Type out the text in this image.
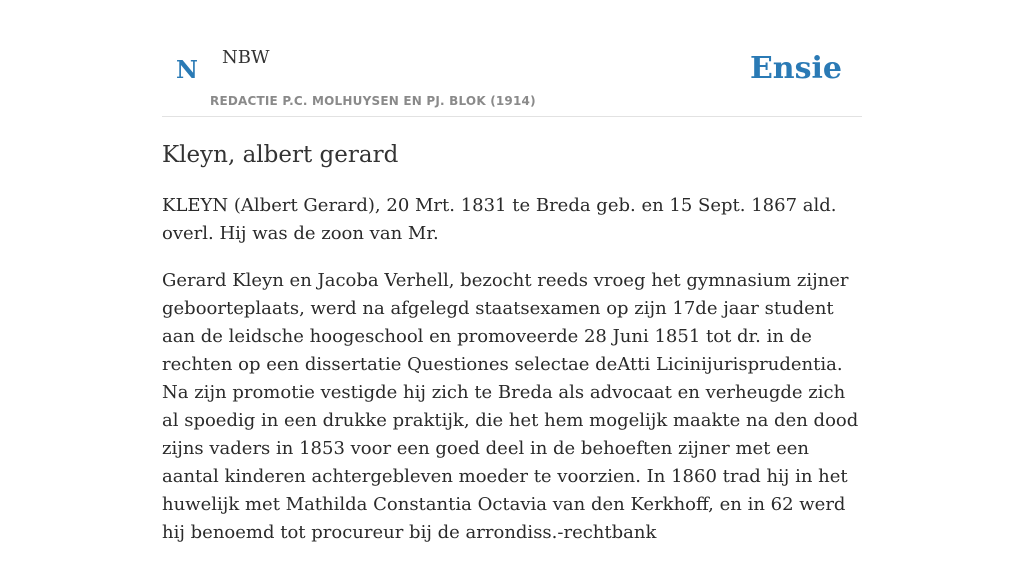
N NBW
REDACTIE P.C. MOLHUYSEN EN PJ. BLOK (1914)
Ensie
Kleyn, albert gerard

KLEYN (Albert Gerard), 20 Mrt. 1831 te Breda geb. en 15 Sept. 1867 ald. overl. Hij was de zoon van Mr.

Gerard Kleyn en Jacoba Verhell, bezocht reeds vroeg het gymnasium zijner geboorteplaats, werd na afgelegd staatsexamen op zijn 17de jaar student aan de leidsche hoogeschool en promoveerde 28 Juni 1851 tot dr. in de rechten op een dissertatie Questiones selectae deAtti Licinijurisprudentia. Na zijn promotie vestigde hij zich te Breda als advocaat en verheugde zich al spoedig in een drukke praktijk, die het hem mogelijk maakte na den dood zijns vaders in 1853 voor een goed deel in de behoeften zijner met een aantal kinderen achtergebleven moeder te voorzien. In 1860 trad hij in het huwelijk met Mathilda Constantia Octavia van den Kerkhoff, en in 62 werd hij benoemd tot procureur bij de arrondiss.-rechtbank
